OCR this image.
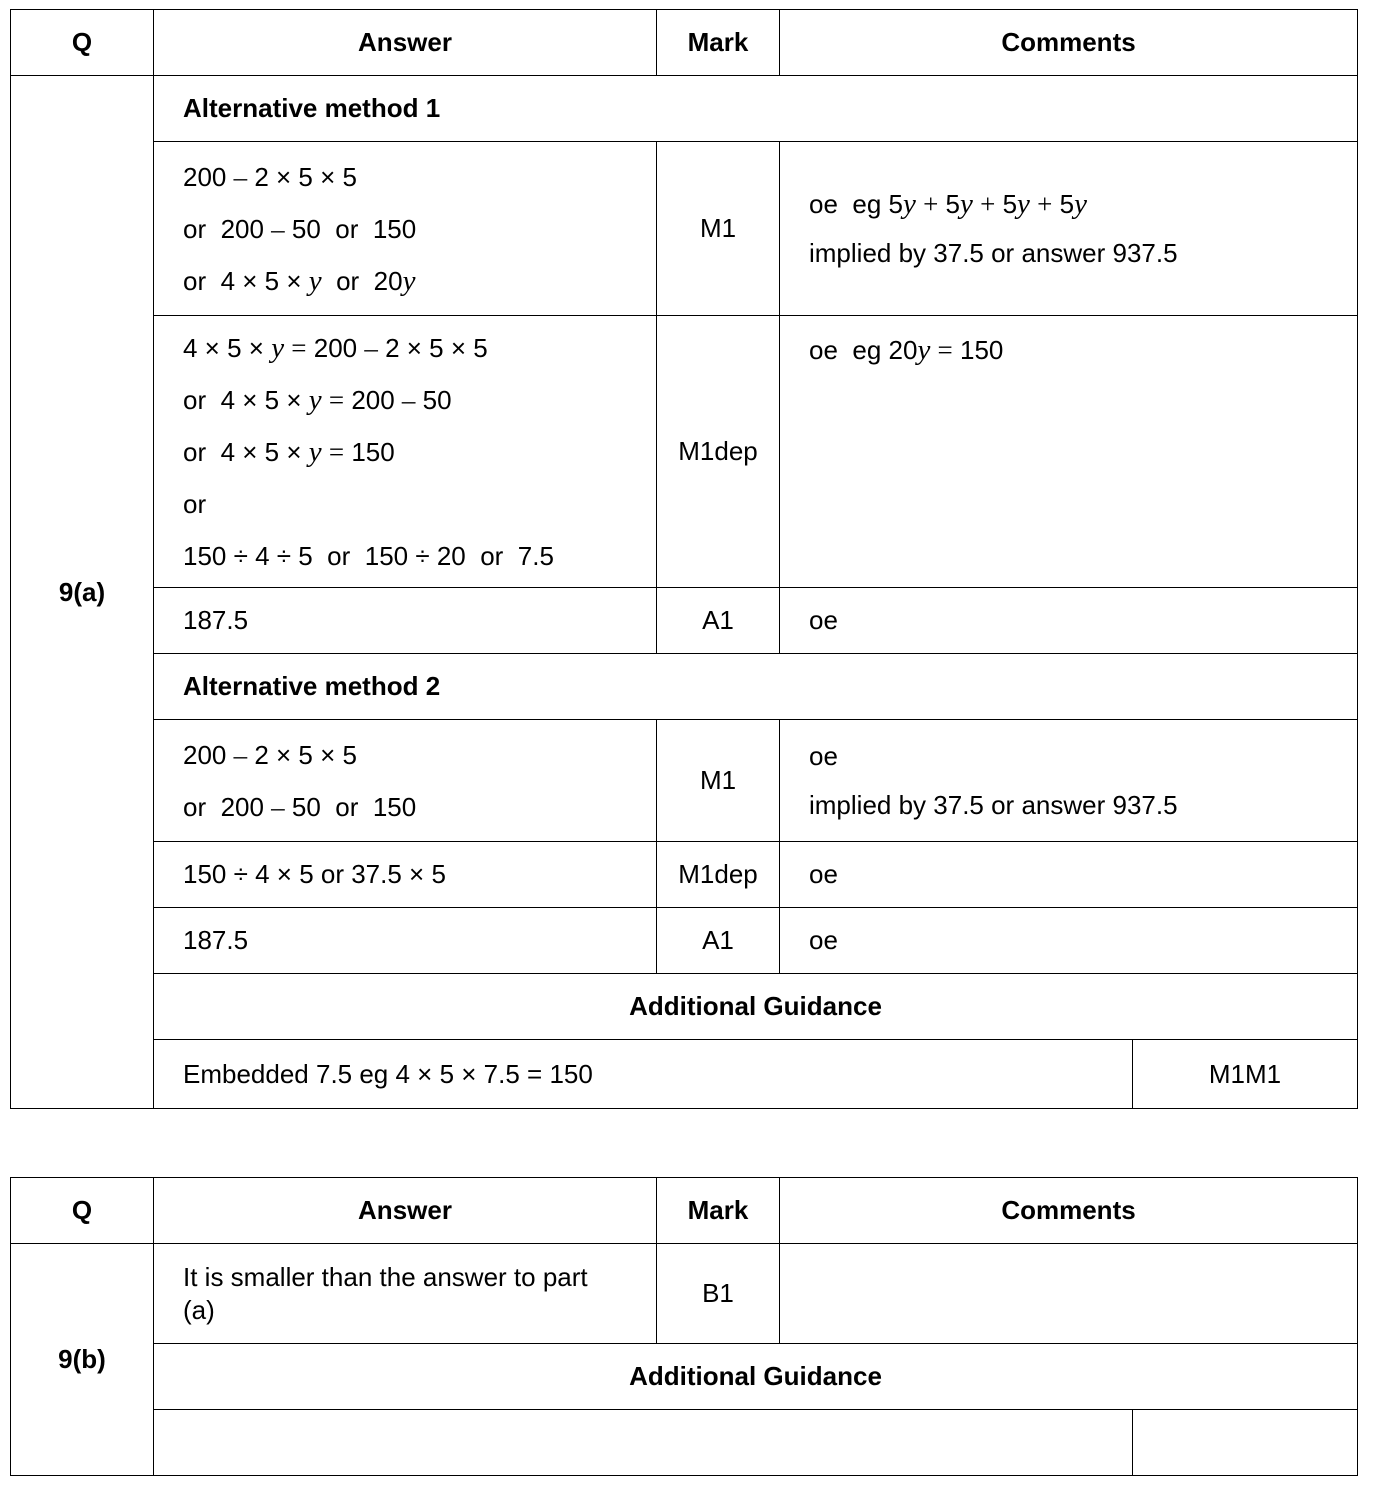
Q	Answer	Mark	Comments	
9(a)	Alternative method 1			

	200 – 2 × 5 × 5
or  200 – 50  or  150
or  4 × 5 × y  or  20y	M1	oe  eg 5y + 5y + 5y + 5y
implied by 37.5 or answer 937.5	

	4 × 5 × y = 200 – 2 × 5 × 5
or  4 × 5 × y = 200 – 50
or  4 × 5 × y = 150
or
150 ÷ 4 ÷ 5  or  150 ÷ 20  or  7.5	M1dep	oe  eg 20y = 150	

	187.5	A1	oe	
	Alternative method 2			

	200 – 2 × 5 × 5
or  200 – 50  or  150	M1	oe
implied by 37.5 or answer 937.5	

	150 ÷ 4 × 5 or 37.5 × 5	M1dep	oe	
	187.5	A1	oe	
	Additional Guidance			
	Embedded 7.5 eg 4 × 5 × 7.5 = 150			M1M1
Q	Answer	Mark	Comments	
9(b)	It is smaller than the answer to part (a)	B1		
	Additional Guidance			
